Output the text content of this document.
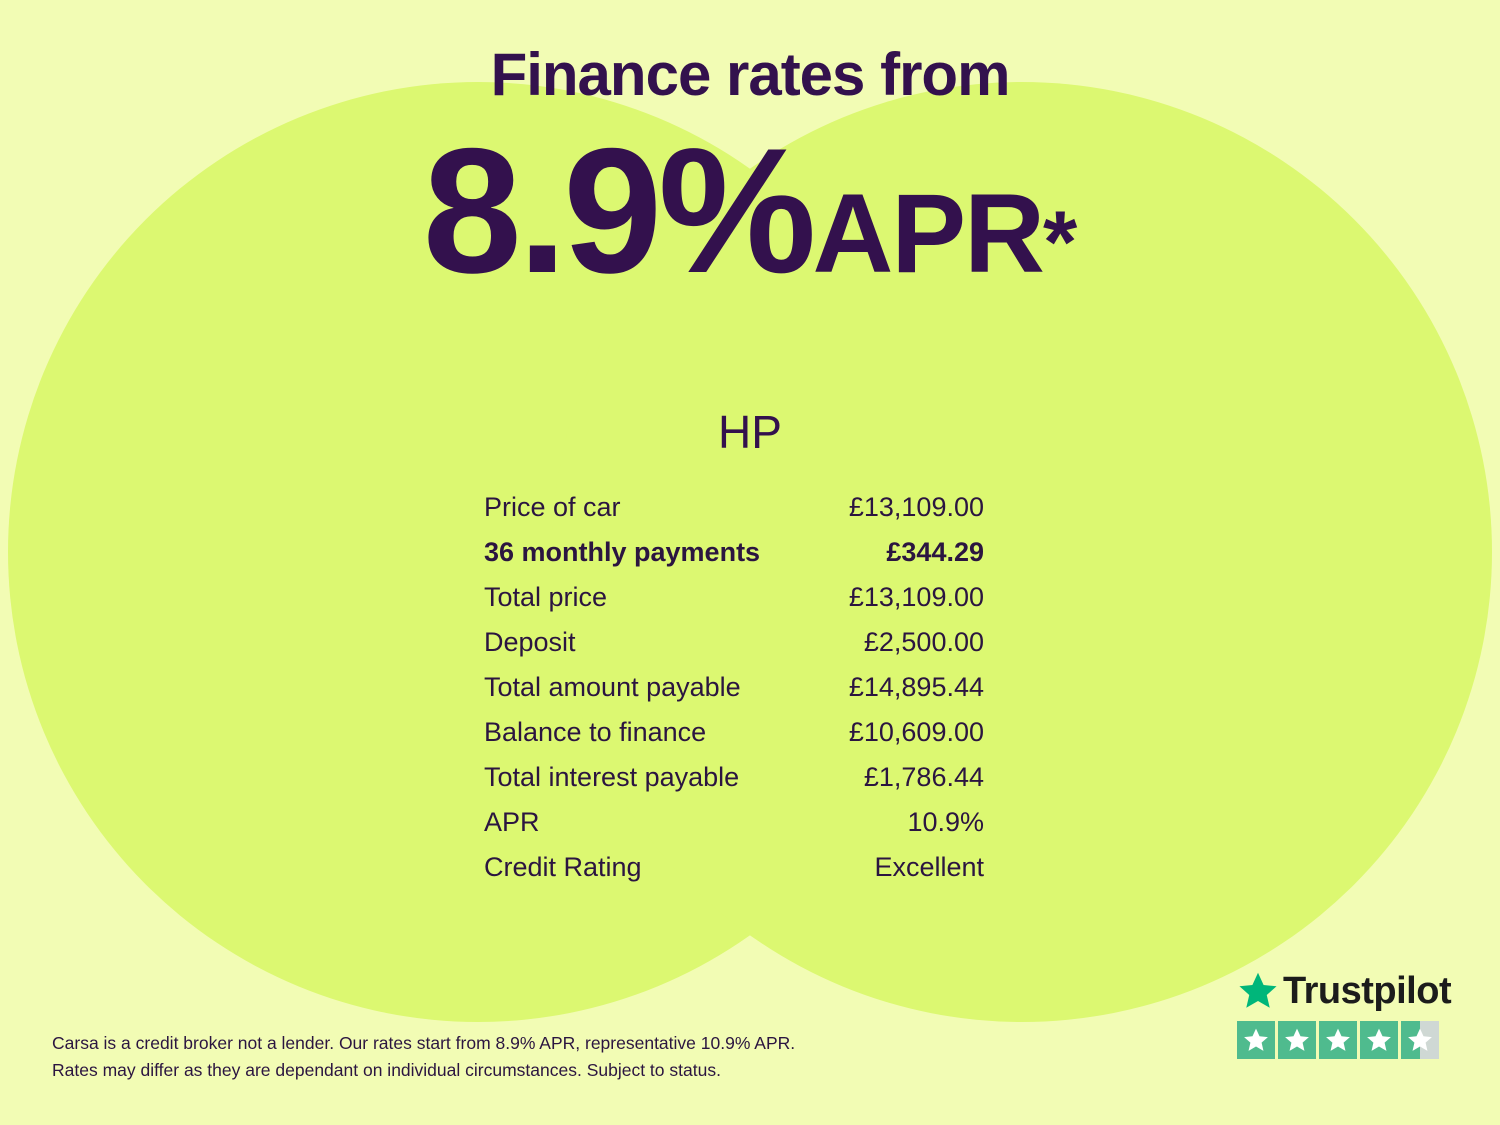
Finance rates from
8.9%APR*
HP
Price of car	£13,109.00
36 monthly payments	£344.29
Total price	£13,109.00
Deposit	£2,500.00
Total amount payable	£14,895.44
Balance to finance	£10,609.00
Total interest payable	£1,786.44
APR	10.9%
Credit Rating	Excellent
Carsa is a credit broker not a lender. Our rates start from 8.9% APR, representative 10.9% APR.
Rates may differ as they are dependant on individual circumstances. Subject to status.
Trustpilot
